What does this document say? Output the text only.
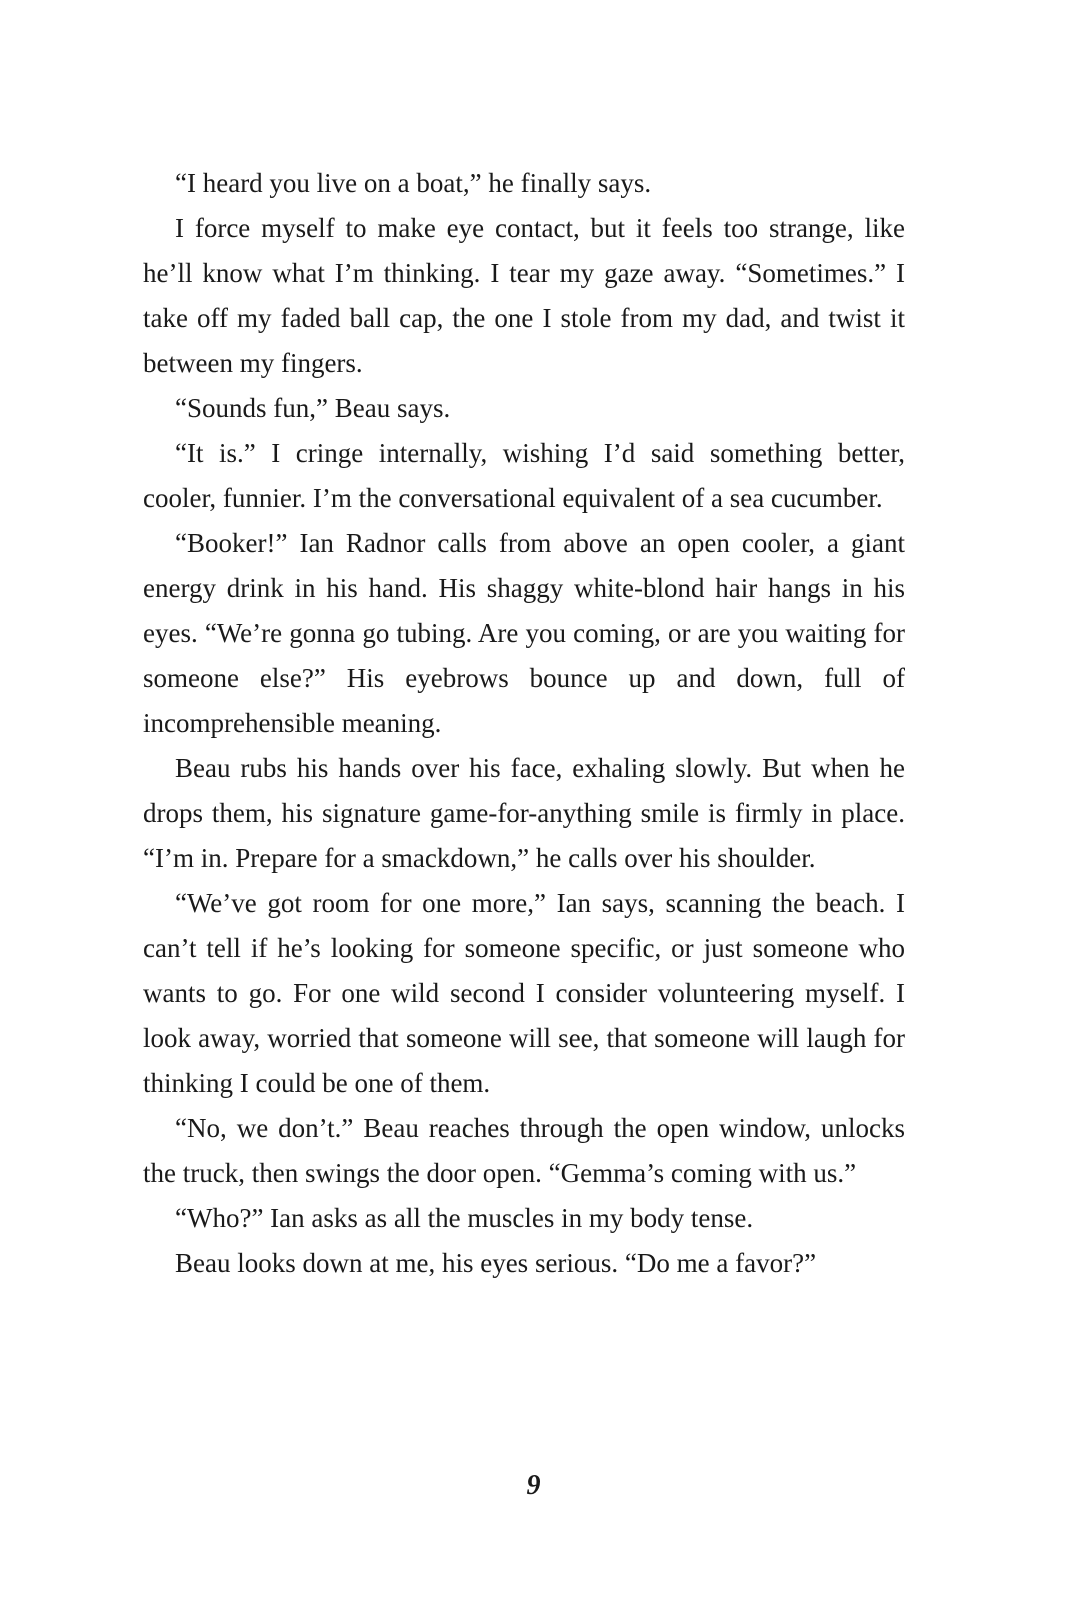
“I heard you live on a boat,” he finally says.

I force myself to make eye contact, but it feels too strange, like he’ll know what I’m thinking. I tear my gaze away. “Sometimes.” I take off my faded ball cap, the one I stole from my dad, and twist it between my fingers.

“Sounds fun,” Beau says.

“It is.” I cringe internally, wishing I’d said something better, cooler, funnier. I’m the conversational equivalent of a sea cucumber.

“Booker!” Ian Radnor calls from above an open cooler, a giant energy drink in his hand. His shaggy white-blond hair hangs in his eyes. “We’re gonna go tubing. Are you coming, or are you waiting for someone else?” His eyebrows bounce up and down, full of incomprehensible meaning.

Beau rubs his hands over his face, exhaling slowly. But when he drops them, his signature game-for-anything smile is firmly in place. “I’m in. Prepare for a smackdown,” he calls over his shoulder.

“We’ve got room for one more,” Ian says, scanning the beach. I can’t tell if he’s looking for someone specific, or just someone who wants to go. For one wild second I consider volunteering myself. I look away, worried that someone will see, that someone will laugh for thinking I could be one of them.

“No, we don’t.” Beau reaches through the open window, unlocks the truck, then swings the door open. “Gemma’s coming with us.”

“Who?” Ian asks as all the muscles in my body tense.

Beau looks down at me, his eyes serious. “Do me a favor?”

9
